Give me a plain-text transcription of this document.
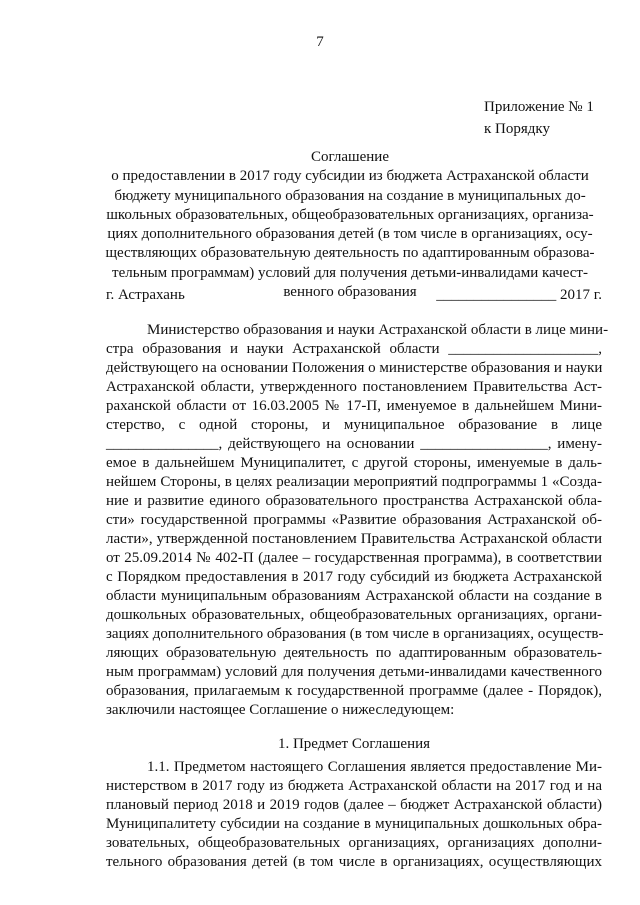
7
Приложение № 1
к Порядку
Соглашение
о предоставлении в 2017 году субсидии из бюджета Астраханской области
бюджету муниципального образования на создание в муниципальных до-
школьных образовательных, общеобразовательных организациях, организа-
циях дополнительного образования детей (в том числе в организациях, осу-
ществляющих образовательную деятельность по адаптированным образова-
тельным программам) условий для получения детьми-инвалидами качест-
венного образования
г. Астрахань	________________ 2017 г.
Министерство образования и науки Астраханской области в лице мини-
стра образования и науки Астраханской области ____________________,
действующего на основании Положения о министерстве образования и науки
Астраханской области, утвержденного постановлением Правительства Аст-
раханской области от 16.03.2005 № 17-П, именуемое в дальнейшем Мини-
стерство, с одной стороны, и муниципальное образование в лице
_______________, действующего на основании _________________, имену-
емое в дальнейшем Муниципалитет, с другой стороны, именуемые в даль-
нейшем Стороны, в целях реализации мероприятий подпрограммы 1 «Созда-
ние и развитие единого образовательного пространства Астраханской обла-
сти» государственной программы «Развитие образования Астраханской об-
ласти», утвержденной постановлением Правительства Астраханской области
от 25.09.2014 № 402-П (далее – государственная программа), в соответствии
с Порядком предоставления в 2017 году субсидий из бюджета Астраханской
области муниципальным образованиям Астраханской области на создание в
дошкольных образовательных, общеобразовательных организациях, органи-
зациях дополнительного образования (в том числе в организациях, осуществ-
ляющих образовательную деятельность по адаптированным образователь-
ным программам) условий для получения детьми-инвалидами качественного
образования, прилагаемым к государственной программе (далее - Порядок),
заключили настоящее Соглашение о нижеследующем:
1. Предмет Соглашения
1.1. Предметом настоящего Соглашения является предоставление Ми-
нистерством в 2017 году из бюджета Астраханской области на 2017 год и на
плановый период 2018 и 2019 годов (далее – бюджет Астраханской области)
Муниципалитету субсидии на создание в муниципальных дошкольных обра-
зовательных, общеобразовательных организациях, организациях дополни-
тельного образования детей (в том числе в организациях, осуществляющих
